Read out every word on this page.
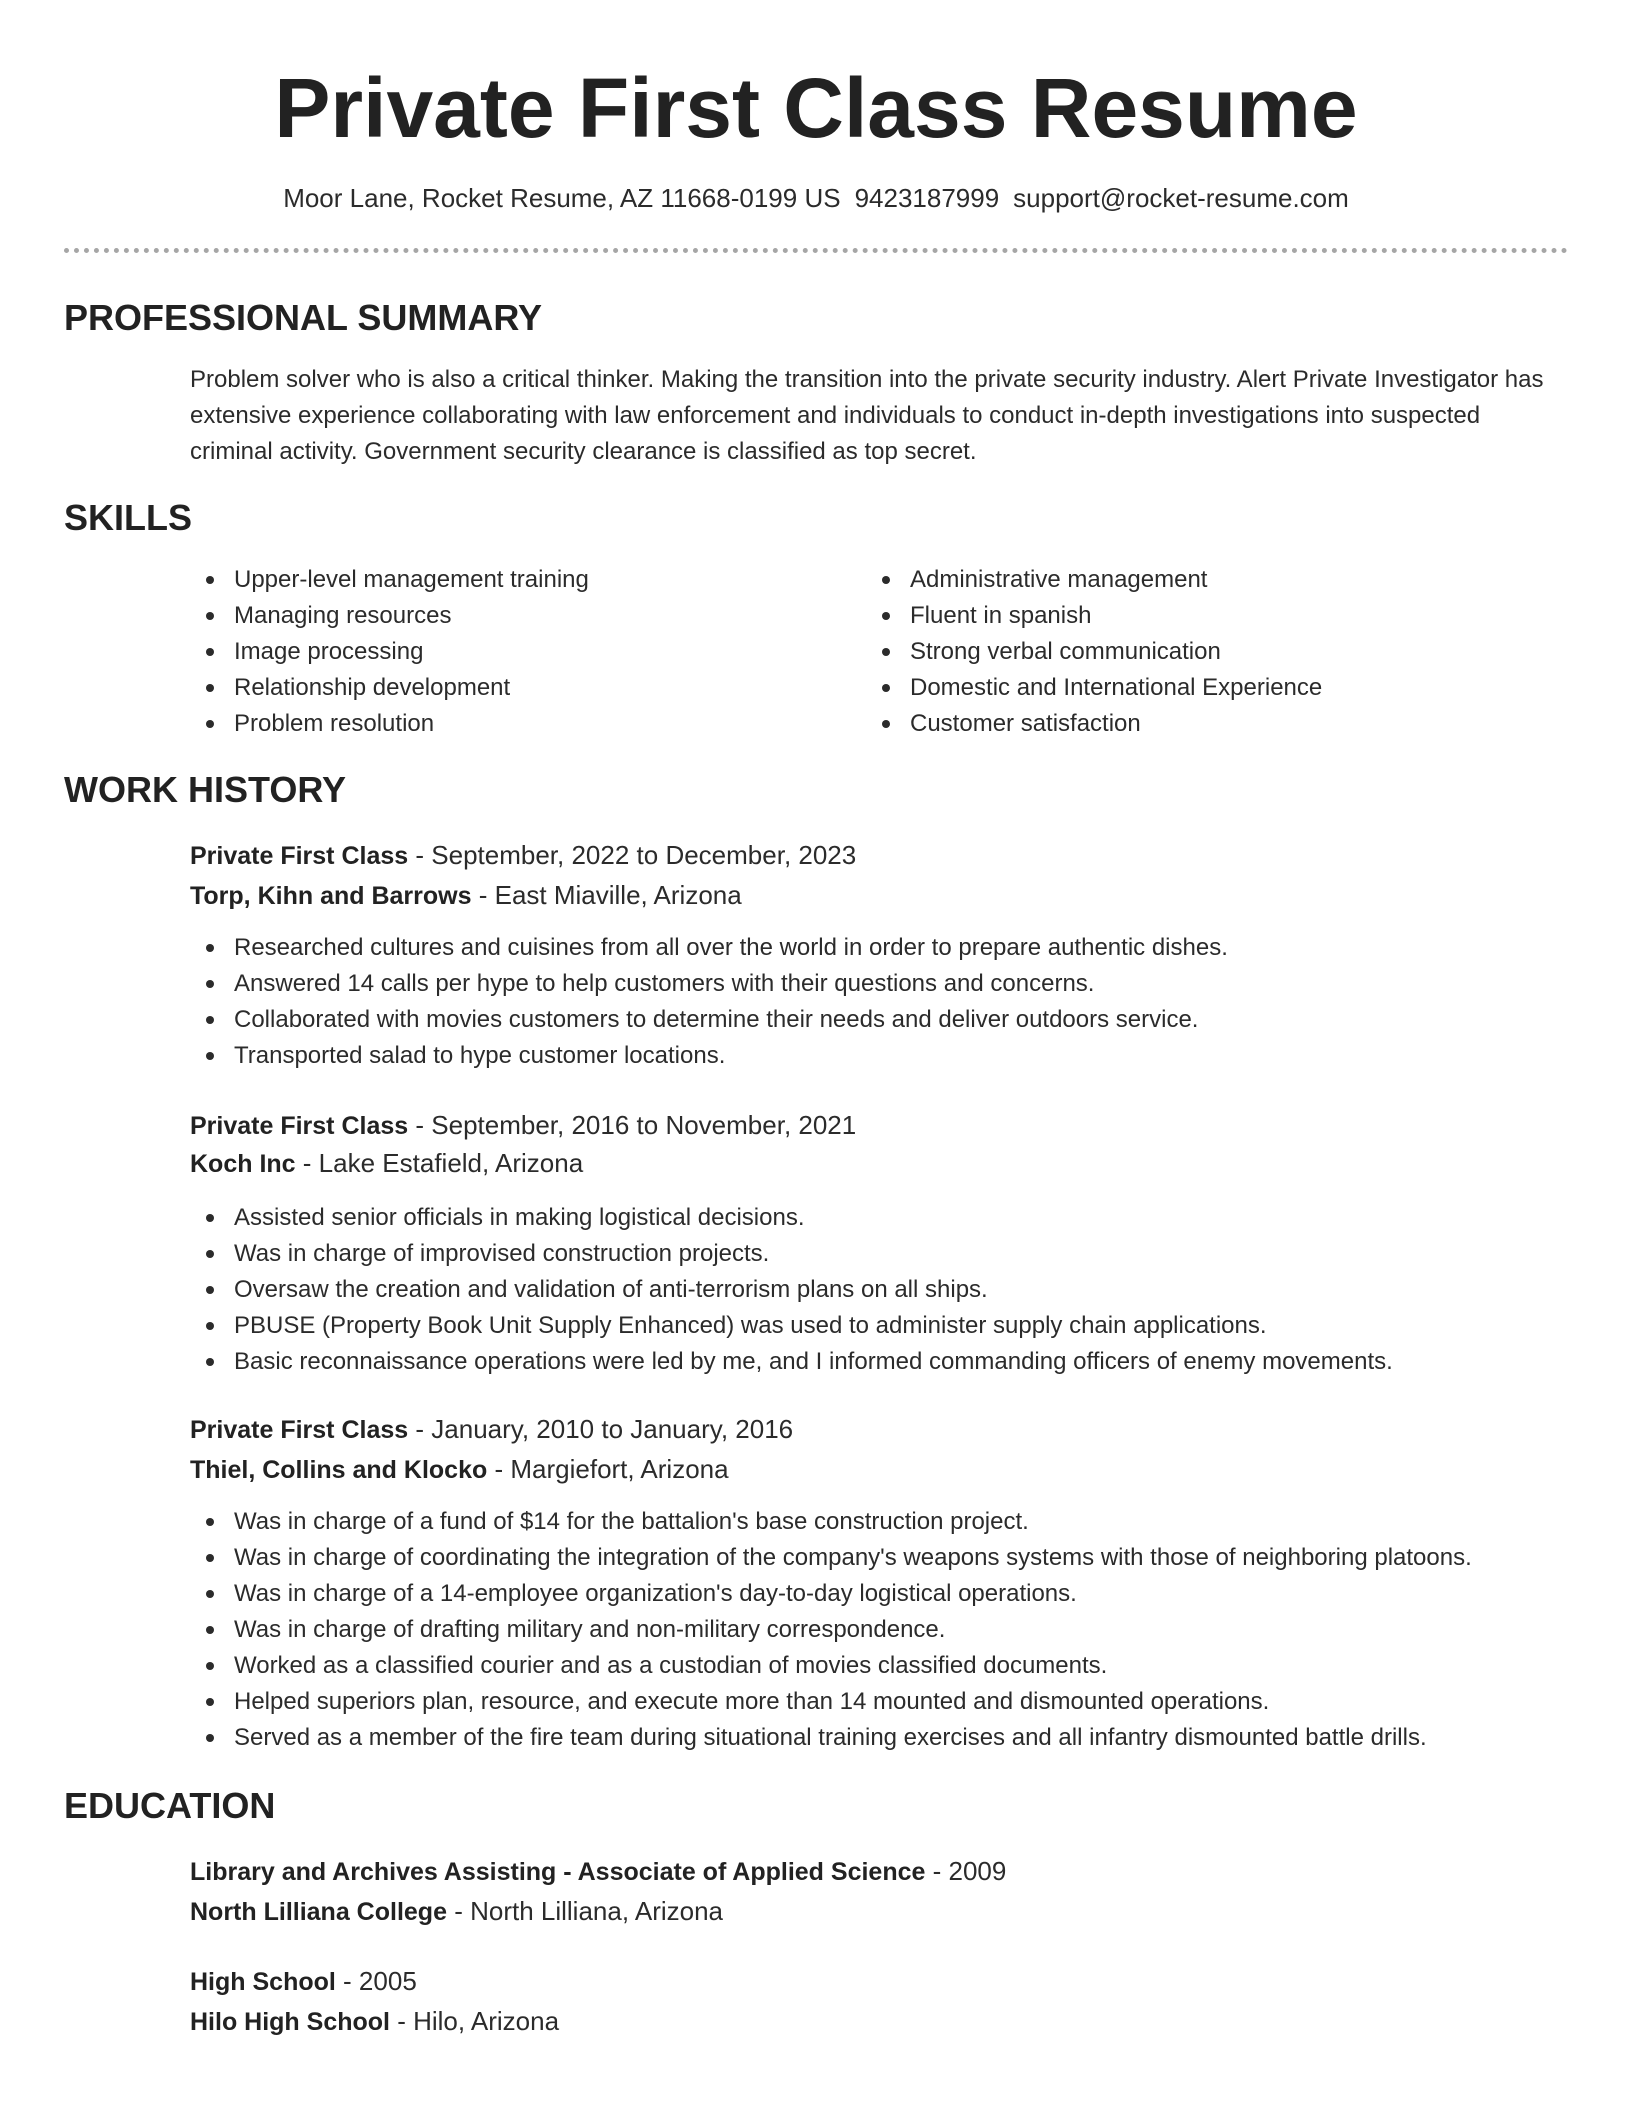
Private First Class Resume
Moor Lane, Rocket Resume, AZ 11668-0199 US 9423187999 support@rocket-resume.com
PROFESSIONAL SUMMARY

Problem solver who is also a critical thinker. Making the transition into the private security industry. Alert Private Investigator has extensive experience collaborating with law enforcement and individuals to conduct in-depth investigations into suspected criminal activity. Government security clearance is classified as top secret.

SKILLS
Upper-level management training
Managing resources
Image processing
Relationship development
Problem resolution
Administrative management
Fluent in spanish
Strong verbal communication
Domestic and International Experience
Customer satisfaction
WORK HISTORY
Private First Class - September, 2022 to December, 2023
Torp, Kihn and Barrows - East Miaville, Arizona
Researched cultures and cuisines from all over the world in order to prepare authentic dishes.
Answered 14 calls per hype to help customers with their questions and concerns.
Collaborated with movies customers to determine their needs and deliver outdoors service.
Transported salad to hype customer locations.
Private First Class - September, 2016 to November, 2021
Koch Inc - Lake Estafield, Arizona
Assisted senior officials in making logistical decisions.
Was in charge of improvised construction projects.
Oversaw the creation and validation of anti-terrorism plans on all ships.
PBUSE (Property Book Unit Supply Enhanced) was used to administer supply chain applications.
Basic reconnaissance operations were led by me, and I informed commanding officers of enemy movements.
Private First Class - January, 2010 to January, 2016
Thiel, Collins and Klocko - Margiefort, Arizona
Was in charge of a fund of $14 for the battalion's base construction project.
Was in charge of coordinating the integration of the company's weapons systems with those of neighboring platoons.
Was in charge of a 14-employee organization's day-to-day logistical operations.
Was in charge of drafting military and non-military correspondence.
Worked as a classified courier and as a custodian of movies classified documents.
Helped superiors plan, resource, and execute more than 14 mounted and dismounted operations.
Served as a member of the fire team during situational training exercises and all infantry dismounted battle drills.
EDUCATION
Library and Archives Assisting - Associate of Applied Science - 2009
North Lilliana College - North Lilliana, Arizona
High School - 2005
Hilo High School - Hilo, Arizona
